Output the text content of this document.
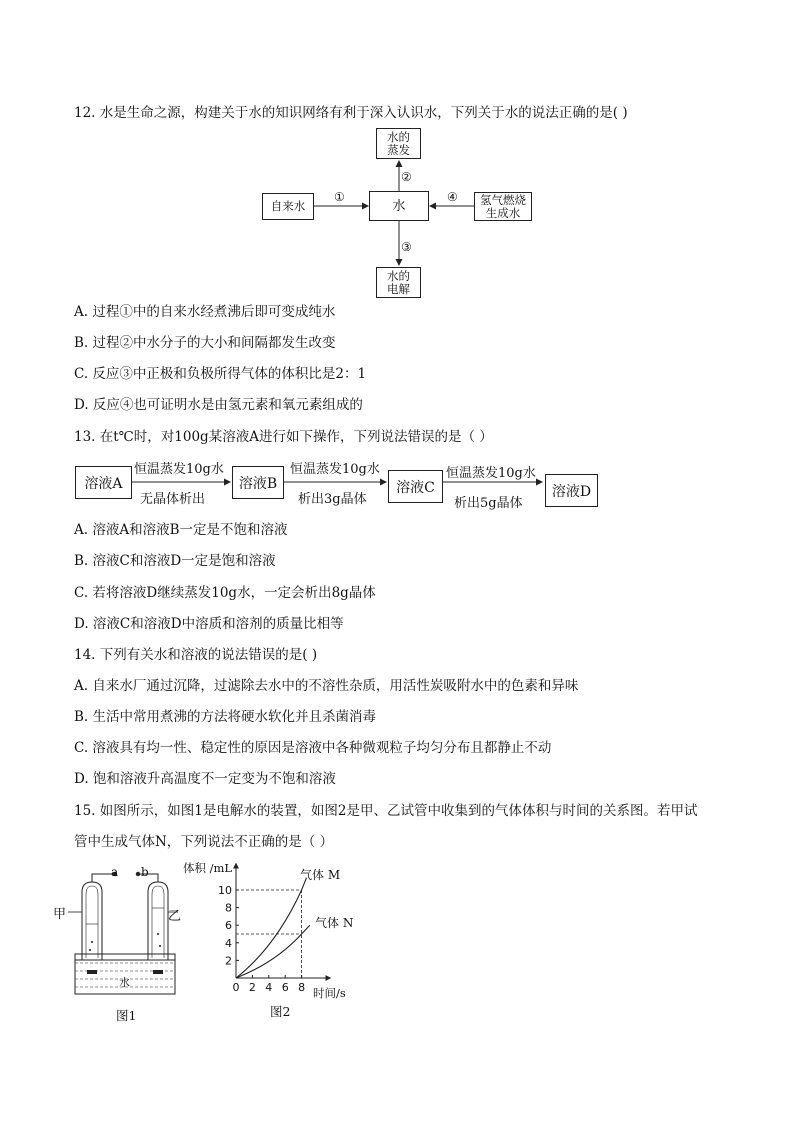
12. 水是生命之源，构建关于水的知识网络有利于深入认识水，下列关于水的说法正确的是( )
水的
蒸发
自来水	水	氢气燃烧
生成水
水的
电解
①
②
③
④
A. 过程①中的自来水经煮沸后即可变成纯水
B. 过程②中水分子的大小和间隔都发生改变
C. 反应③中正极和负极所得气体的体积比是2：1
D. 反应④也可证明水是由氢元素和氧元素组成的
13. 在t℃时，对100g某溶液A进行如下操作，下列说法错误的是（ ）
溶液A	溶液B	溶液C	溶液D
恒温蒸发10g水
无晶体析出
恒温蒸发10g水
析出3g晶体
恒温蒸发10g水
析出5g晶体
A. 溶液A和溶液B一定是不饱和溶液
B. 溶液C和溶液D一定是饱和溶液
C. 若将溶液D继续蒸发10g水，一定会析出8g晶体
D. 溶液C和溶液D中溶质和溶剂的质量比相等
14. 下列有关水和溶液的说法错误的是( )
A. 自来水厂通过沉降，过滤除去水中的不溶性杂质，用活性炭吸附水中的色素和异味
B. 生活中常用煮沸的方法将硬水软化并且杀菌消毒
C. 溶液具有均一性、稳定性的原因是溶液中各种微观粒子均匀分布且都静止不动
D. 饱和溶液升高温度不一定变为不饱和溶液
15. 如图所示，如图1是电解水的装置，如图2是甲、乙试管中收集到的气体体积与时间的关系图。若甲试
管中生成气体N，下列说法不正确的是（ ）
a b
甲	乙
水
图1
2
4
6
8
10
0 2 4 6 8
体积 /mL
时间/s
气体 M
气体 N
图2
